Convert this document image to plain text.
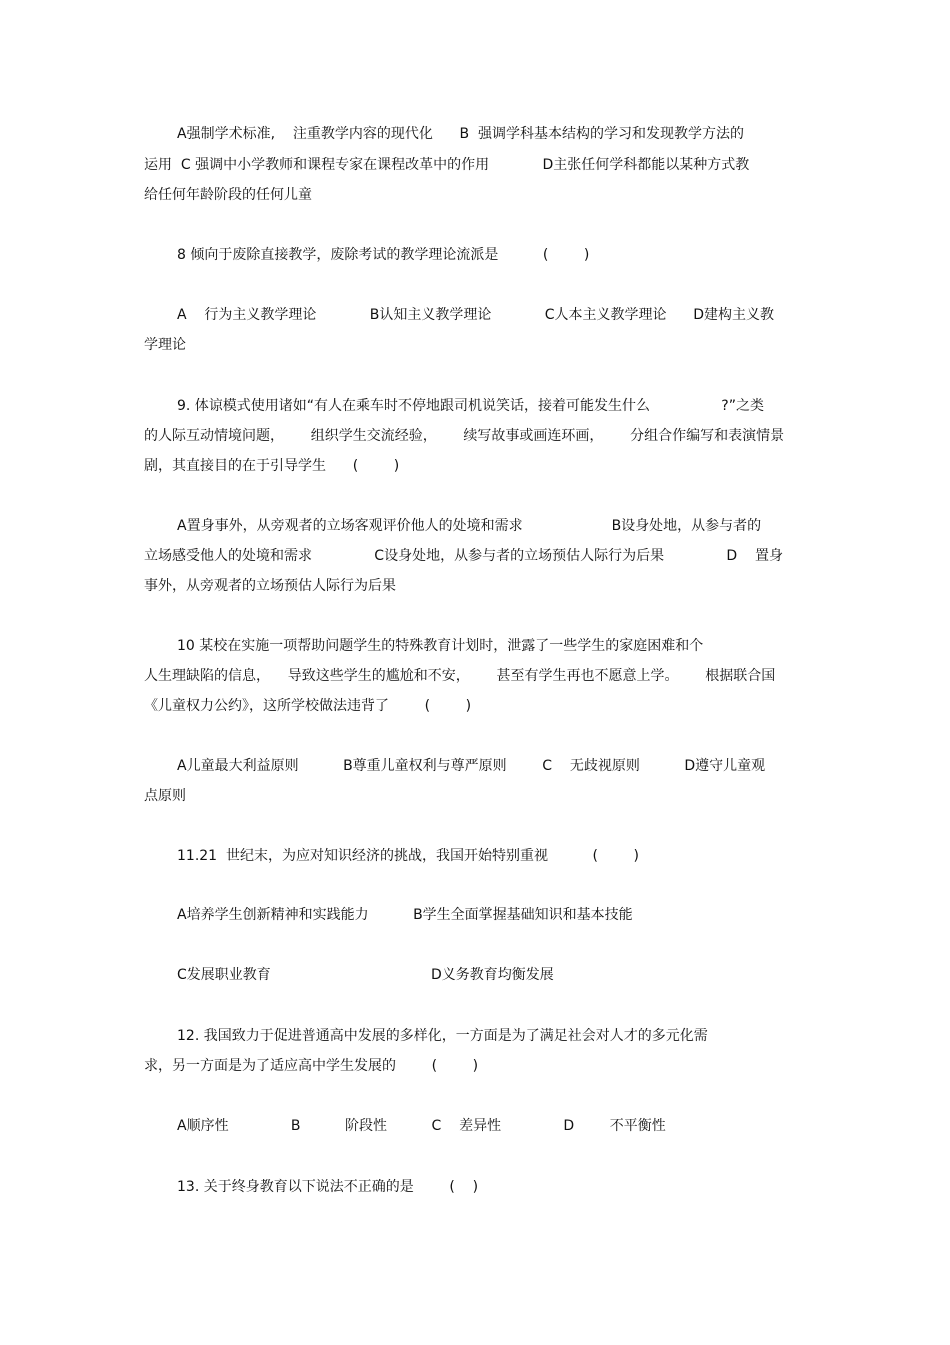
A强制学术标准,    注重教学内容的现代化      B  强调学科基本结构的学习和发现教学方法的
运用  C 强调中小学教师和课程专家在课程改革中的作用            D主张任何学科都能以某种方式教
给任何年龄阶段的任何儿童
8 倾向于废除直接教学，废除考试的教学理论流派是          (        )
A    行为主义教学理论            B认知主义教学理论            C人本主义教学理论      D建构主义教
学理论
9. 体谅模式使用诸如“有人在乘车时不停地跟司机说笑话，接着可能发生什么                ?”之类
的人际互动情境问题，      组织学生交流经验，      续写故事或画连环画，      分组合作编写和表演情景
剧，其直接目的在于引导学生      (        )
A置身事外，从旁观者的立场客观评价他人的处境和需求                    B设身处地，从参与者的
立场感受他人的处境和需求              C设身处地，从参与者的立场预估人际行为后果              D    置身
事外，从旁观者的立场预估人际行为后果
10 某校在实施一项帮助问题学生的特殊教育计划时，泄露了一些学生的家庭困难和个
人生理缺陷的信息，    导致这些学生的尴尬和不安，      甚至有学生再也不愿意上学。      根据联合国
《儿童权力公约》，这所学校做法违背了        (        )
A儿童最大利益原则          B尊重儿童权利与尊严原则        C    无歧视原则          D遵守儿童观
点原则
11.21  世纪末，为应对知识经济的挑战，我国开始特别重视          (        )
A培养学生创新精神和实践能力          B学生全面掌握基础知识和基本技能
C发展职业教育                                    D义务教育均衡发展
12. 我国致力于促进普通高中发展的多样化，一方面是为了满足社会对人才的多元化需
求，另一方面是为了适应高中学生发展的        (        )
A顺序性              B          阶段性          C    差异性              D        不平衡性
13. 关于终身教育以下说法不正确的是        (    )
